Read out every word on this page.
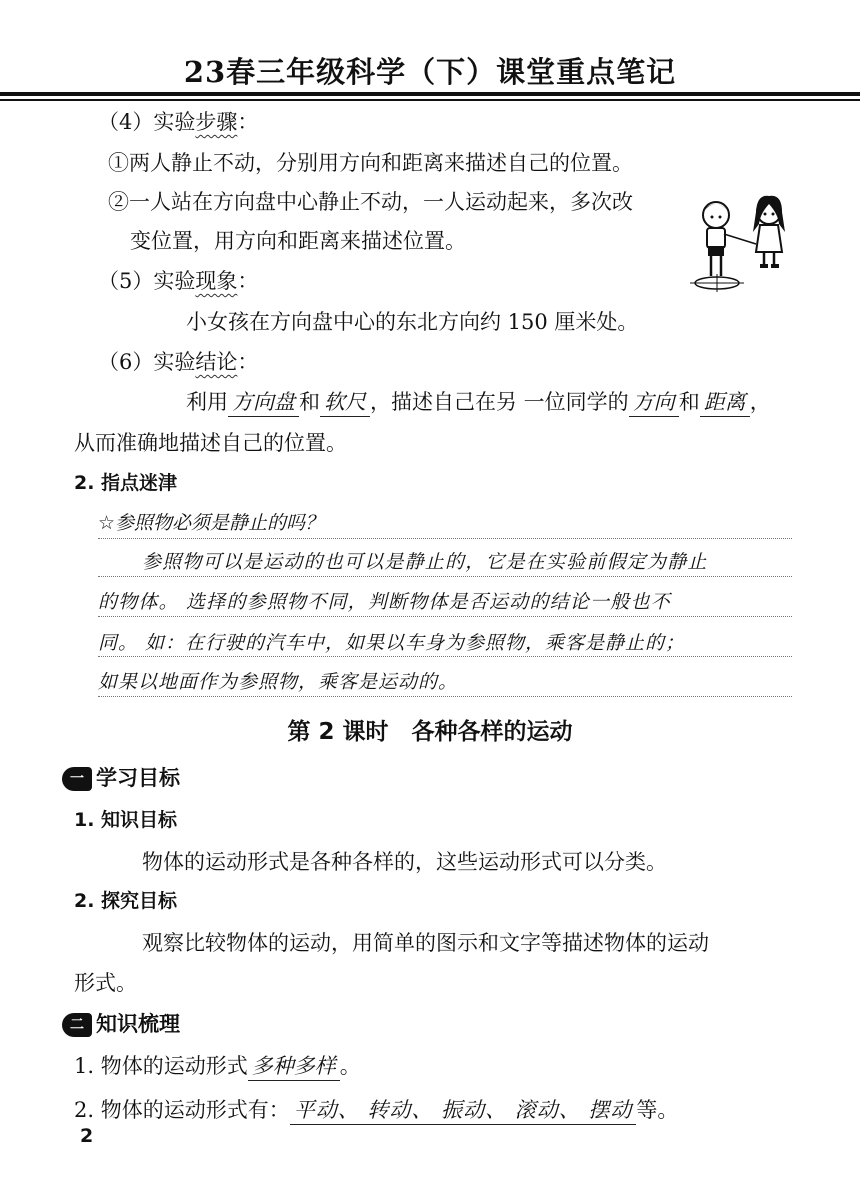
23春三年级科学（下）课堂重点笔记
（4）实验步骤：
①两人静止不动，分别用方向和距离来描述自己的位置。
②一人站在方向盘中心静止不动，一人运动起来，多次改
变位置，用方向和距离来描述位置。
（5）实验现象：
小女孩在方向盘中心的东北方向约 150 厘米处。
（6）实验结论：
利用 方向盘 和 软尺 ，描述自己在另 一位同学的 方向 和 距离 ，
从而准确地描述自己的位置。
2. 指点迷津
☆参照物必须是静止的吗？
参照物可以是运动的也可以是静止的，它是在实验前假定为静止
的物体。 选择的参照物不同，判断物体是否运动的结论一般也不
同。 如：在行驶的汽车中，如果以车身为参照物，乘客是静止的；
如果以地面作为参照物，乘客是运动的。
第 2 课时　各种各样的运动
一 学习目标
1. 知识目标
物体的运动形式是各种各样的，这些运动形式可以分类。
2. 探究目标
观察比较物体的运动，用简单的图示和文字等描述物体的运动
形式。
二 知识梳理
1. 物体的运动形式 多种多样 。
2. 物体的运动形式有： 平动、 转动、 振动、 滚动、 摆动 等。
2
